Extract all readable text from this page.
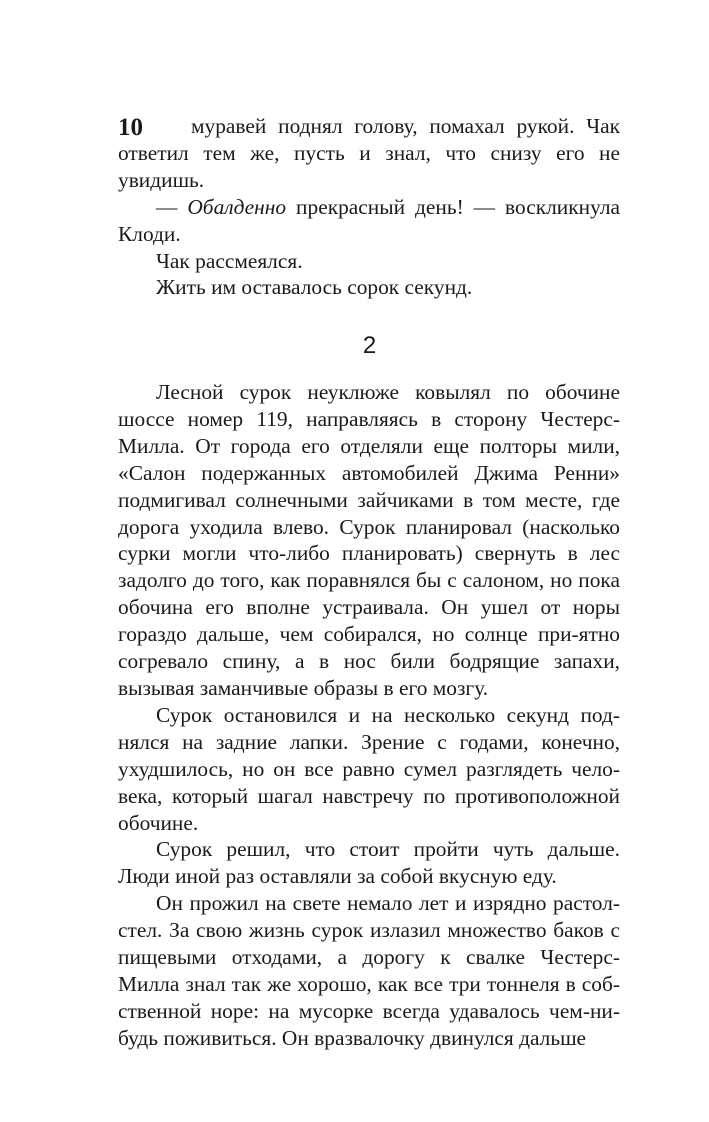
10	муравей поднял голову, помахал рукой. Чак ответил тем же, пусть и знал, что снизу его не увидишь.

— Обалденно прекрасный день! — воскликнула Клоди.

Чак рассмеялся.

Жить им оставалось сорок секунд.

2

Лесной сурок неуклюже ковылял по обочине шоссе номер 119, направляясь в сторону Честерс-Милла. От города его отделяли еще полторы мили, «Салон подержанных автомобилей Джима Ренни» подмигивал солнечными зайчиками в том месте, где дорога уходила влево. Сурок планировал (насколько сурки могли что-либо планировать) свернуть в лес задолго до того, как поравнялся бы с салоном, но пока обочина его вполне устраивала. Он ушел от норы гораздо дальше, чем собирался, но солнце при-ятно согревало спину, а в нос били бодрящие запахи, вызывая заманчивые образы в его мозгу.

Сурок остановился и на несколько секунд под-нялся на задние лапки. Зрение с годами, конечно, ухудшилось, но он все равно сумел разглядеть чело-века, который шагал навстречу по противоположной обочине.

Сурок решил, что стоит пройти чуть дальше. Люди иной раз оставляли за собой вкусную еду.

Он прожил на свете немало лет и изрядно растол-стел. За свою жизнь сурок излазил множество баков с пищевыми отходами, а дорогу к свалке Честерс-Милла знал так же хорошо, как все три тоннеля в соб-ственной норе: на мусорке всегда удавалось чем-ни-будь поживиться. Он вразвалочку двинулся дальше
